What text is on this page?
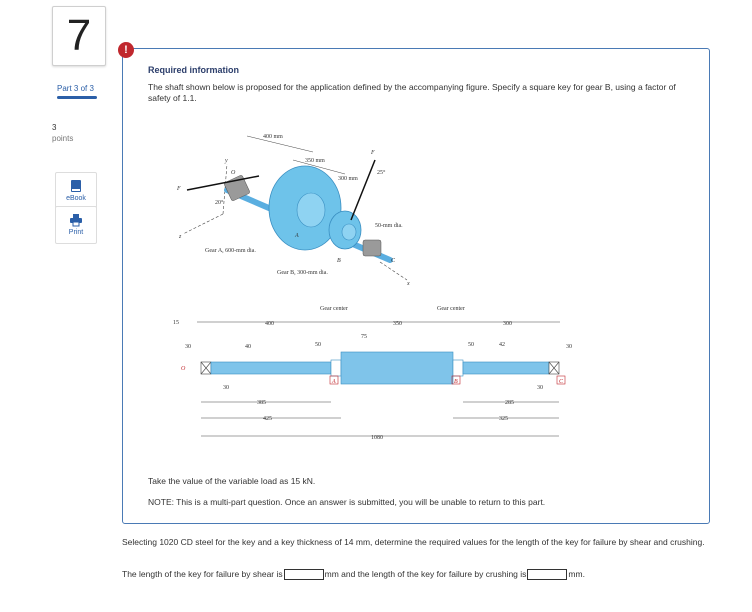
7
Part 3 of 3
3
points
eBook
Print
!
Required information
The shaft shown below is proposed for the application defined by the accompanying figure. Specify a square key for gear B, using a factor of safety of 1.1.
z
y
x
O
400 mm
350 mm
300 mm
25°
20°
F
F
A
B	C
50-mm dia.
Gear A, 600-mm dia.
Gear B, 300-mm dia.
Gear center	Gear center
15	400	350	300
30	40	50
75
50	42	30
O
A	B	C
30	30
385
425
285
325
1080
Take the value of the variable load as 15 kN.
NOTE: This is a multi-part question. Once an answer is submitted, you will be unable to return to this part.
Selecting 1020 CD steel for the key and a key thickness of 14 mm, determine the required values for the length of the key for failure by shear and crushing.
The length of the key for failure by shear is	mm and the length of the key for failure by crushing is	mm.
